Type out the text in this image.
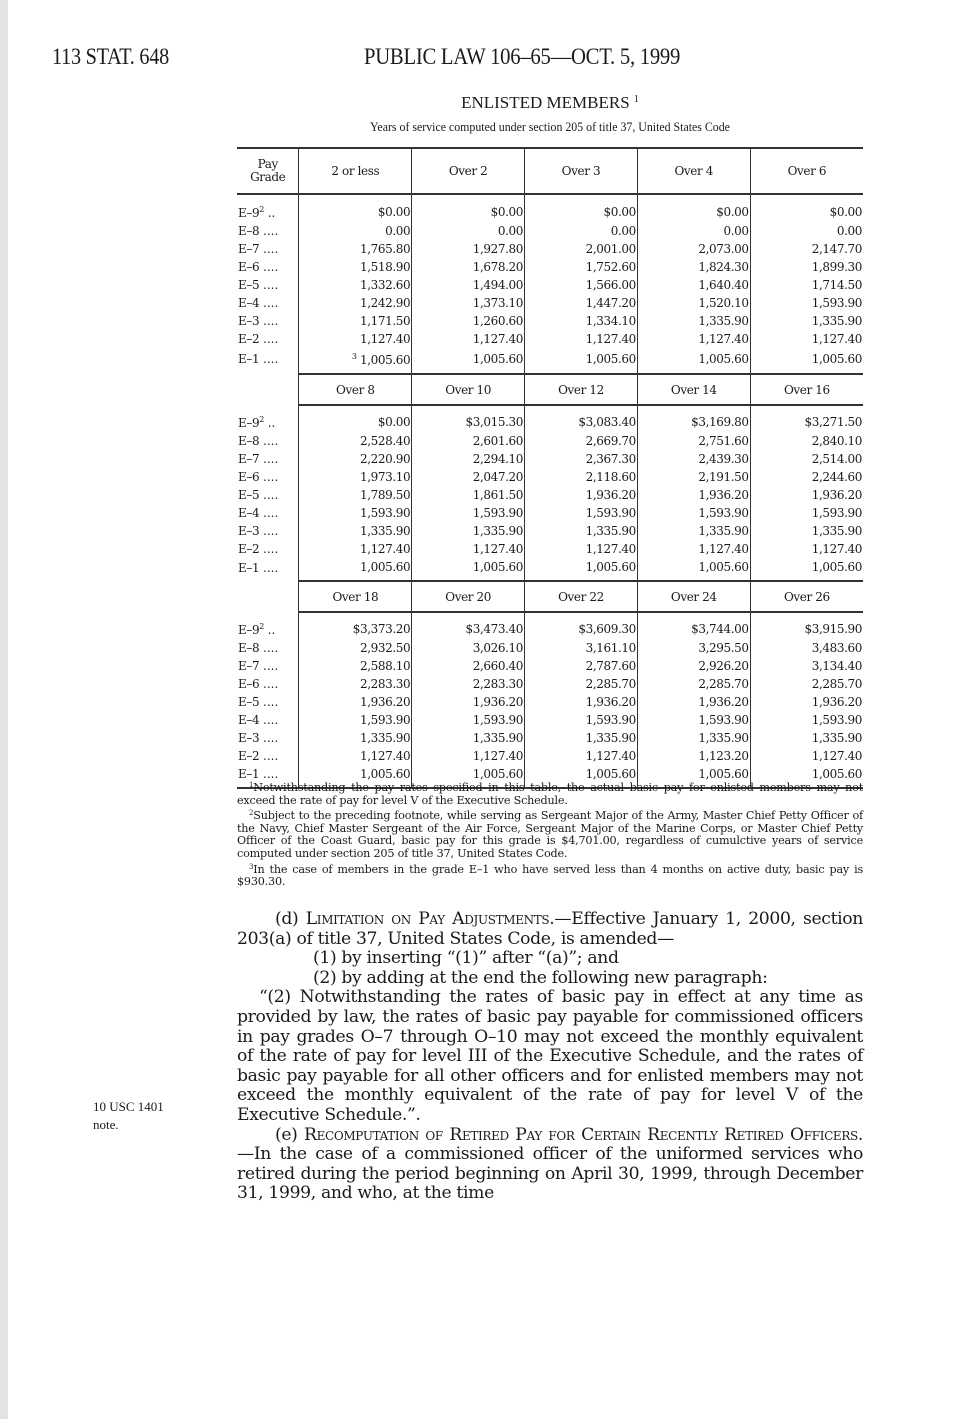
113 STAT. 648	PUBLIC LAW 106–65—OCT. 5, 1999
ENLISTED MEMBERS $^1$
Years of service computed under section 205 of title 37, United States Code
Pay
Grade	2 or less	Over 2	Over 3	Over 4	Over 6
$E-9^2$ ..	$0.00	$0.00	$0.00	$0.00	$0.00
E–8 ....	0.00	0.00	0.00	0.00	0.00
E–7 ....	1,765.80	1,927.80	2,001.00	2,073.00	2,147.70
E–6 ....	1,518.90	1,678.20	1,752.60	1,824.30	1,899.30
E–5 ....	1,332.60	1,494.00	1,566.00	1,640.40	1,714.50
E–4 ....	1,242.90	1,373.10	1,447.20	1,520.10	1,593.90
E–3 ....	1,171.50	1,260.60	1,334.10	1,335.90	1,335.90
E–2 ....	1,127.40	1,127.40	1,127.40	1,127.40	1,127.40
E–1 ....	$^3$ 1,005.60	1,005.60	1,005.60	1,005.60	1,005.60
	Over 8	Over 10	Over 12	Over 14	Over 16
$E-9^2$ ..	$0.00	$3,015.30	$3,083.40	$3,169.80	$3,271.50
E–8 ....	2,528.40	2,601.60	2,669.70	2,751.60	2,840.10
E–7 ....	2,220.90	2,294.10	2,367.30	2,439.30	2,514.00
E–6 ....	1,973.10	2,047.20	2,118.60	2,191.50	2,244.60
E–5 ....	1,789.50	1,861.50	1,936.20	1,936.20	1,936.20
E–4 ....	1,593.90	1,593.90	1,593.90	1,593.90	1,593.90
E–3 ....	1,335.90	1,335.90	1,335.90	1,335.90	1,335.90
E–2 ....	1,127.40	1,127.40	1,127.40	1,127.40	1,127.40
E–1 ....	1,005.60	1,005.60	1,005.60	1,005.60	1,005.60
	Over 18	Over 20	Over 22	Over 24	Over 26
$E-9^2$ ..	$3,373.20	$3,473.40	$3,609.30	$3,744.00	$3,915.90
E–8 ....	2,932.50	3,026.10	3,161.10	3,295.50	3,483.60
E–7 ....	2,588.10	2,660.40	2,787.60	2,926.20	3,134.40
E–6 ....	2,283.30	2,283.30	2,285.70	2,285.70	2,285.70
E–5 ....	1,936.20	1,936.20	1,936.20	1,936.20	1,936.20
E–4 ....	1,593.90	1,593.90	1,593.90	1,593.90	1,593.90
E–3 ....	1,335.90	1,335.90	1,335.90	1,335.90	1,335.90
E–2 ....	1,127.40	1,127.40	1,127.40	1,123.20	1,127.40
E–1 ....	1,005.60	1,005.60	1,005.60	1,005.60	1,005.60

$^1$Notwithstanding the pay rates specified in this table, the actual basic pay for enlisted members may not exceed the rate of pay for level V of the Executive Schedule.

$^2$Subject to the preceding footnote, while serving as Sergeant Major of the Army, Master Chief Petty Officer of the Navy, Chief Master Sergeant of the Air Force, Sergeant Major of the Marine Corps, or Master Chief Petty Officer of the Coast Guard, basic pay for this grade is $4,701.00, regardless of cumulctive years of service computed under section 205 of title 37, United States Code.

$^3$In the case of members in the grade E–1 who have served less than 4 months on active duty, basic pay is $930.30.

(d) Limitation on Pay Adjustments.—Effective January 1, 2000, section 203(a) of title 37, United States Code, is amended—

(1) by inserting “(1)” after “(a)”; and

(2) by adding at the end the following new paragraph:

“(2) Notwithstanding the rates of basic pay in effect at any time as provided by law, the rates of basic pay payable for commissioned officers in pay grades O–7 through O–10 may not exceed the monthly equivalent of the rate of pay for level III of the Executive Schedule, and the rates of basic pay payable for all other officers and for enlisted members may not exceed the monthly equivalent of the rate of pay for level V of the Executive Schedule.”.

(e) Recomputation of Retired Pay for Certain Recently Retired Officers.—In the case of a commissioned officer of the uniformed services who retired during the period beginning on April 30, 1999, through December 31, 1999, and who, at the time

10 USC 1401
note.
